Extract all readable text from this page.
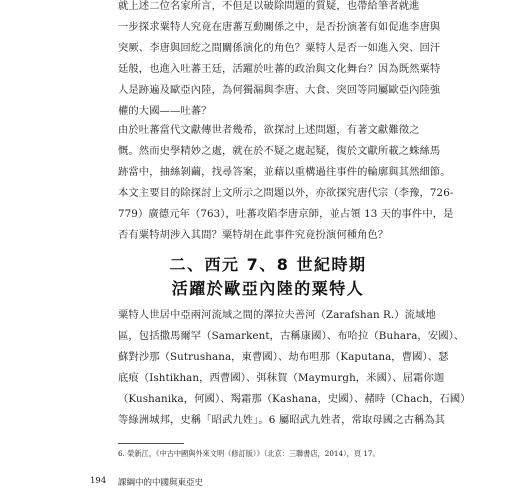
就上述二位名家所言，不但足以破除問題的質疑，也帶給筆者就進
一步探求粟特人究竟在唐蕃互動關係之中，是否扮演著有如促進李唐與
突厥、李唐與回紇之間關係演化的角色？粟特人是否一如進入突、回汗
廷般，也進入吐蕃王廷，活躍於吐蕃的政治與文化舞台？因為既然粟特
人是跡遍及歐亞內陸，為何獨漏與李唐、大食、突回等同屬歐亞內陸強
權的大國——吐蕃？

由於吐蕃當代文獻傳世者幾希，欲探討上述問題，有著文獻難徵之
慨。然而史學精妙之處，就在於不疑之處起疑，復於文獻所載之蛛絲馬
跡當中，抽絲剝繭，找尋答案，並藉以重構過往事件的輪廓與其然細節。
本文主要目的除探討上文所示之問題以外，亦欲探究唐代宗（李豫，726-
779）廣德元年（763），吐蕃攻陷李唐京師，並占領 13 天的事件中，是
否有粟特胡涉入其間？粟特胡在此事件究竟扮演何種角色？

二、西元 7、8 世紀時期
活躍於歐亞內陸的粟特人

粟特人世居中亞兩河流域之間的澤拉夫善河（Zarafshan R.）流域地
區，包括撒馬爾罕（Samarkent，古稱康國）、布哈拉（Buhara，安國）、
蘇對沙那（Sutrushana，東曹國）、劫布呾那（Kaputana，曹國）、瑟
底痕（Ishtikhan，西曹國）、弭秣賀（Maymurgh，米國）、屈霜你迦
（Kushanika，何國）、羯霜那（Kashana，史國）、赭時（Chach，石國）
等綠洲城邦，史稱「昭武九姓」。6 屬昭武九姓者，常取母國之古稱為其

6. 榮新江，《中古中國與外來文明（修訂版）》（北京：三聯書店，2014），頁 17。
194 課綱中的中國與東亞史
